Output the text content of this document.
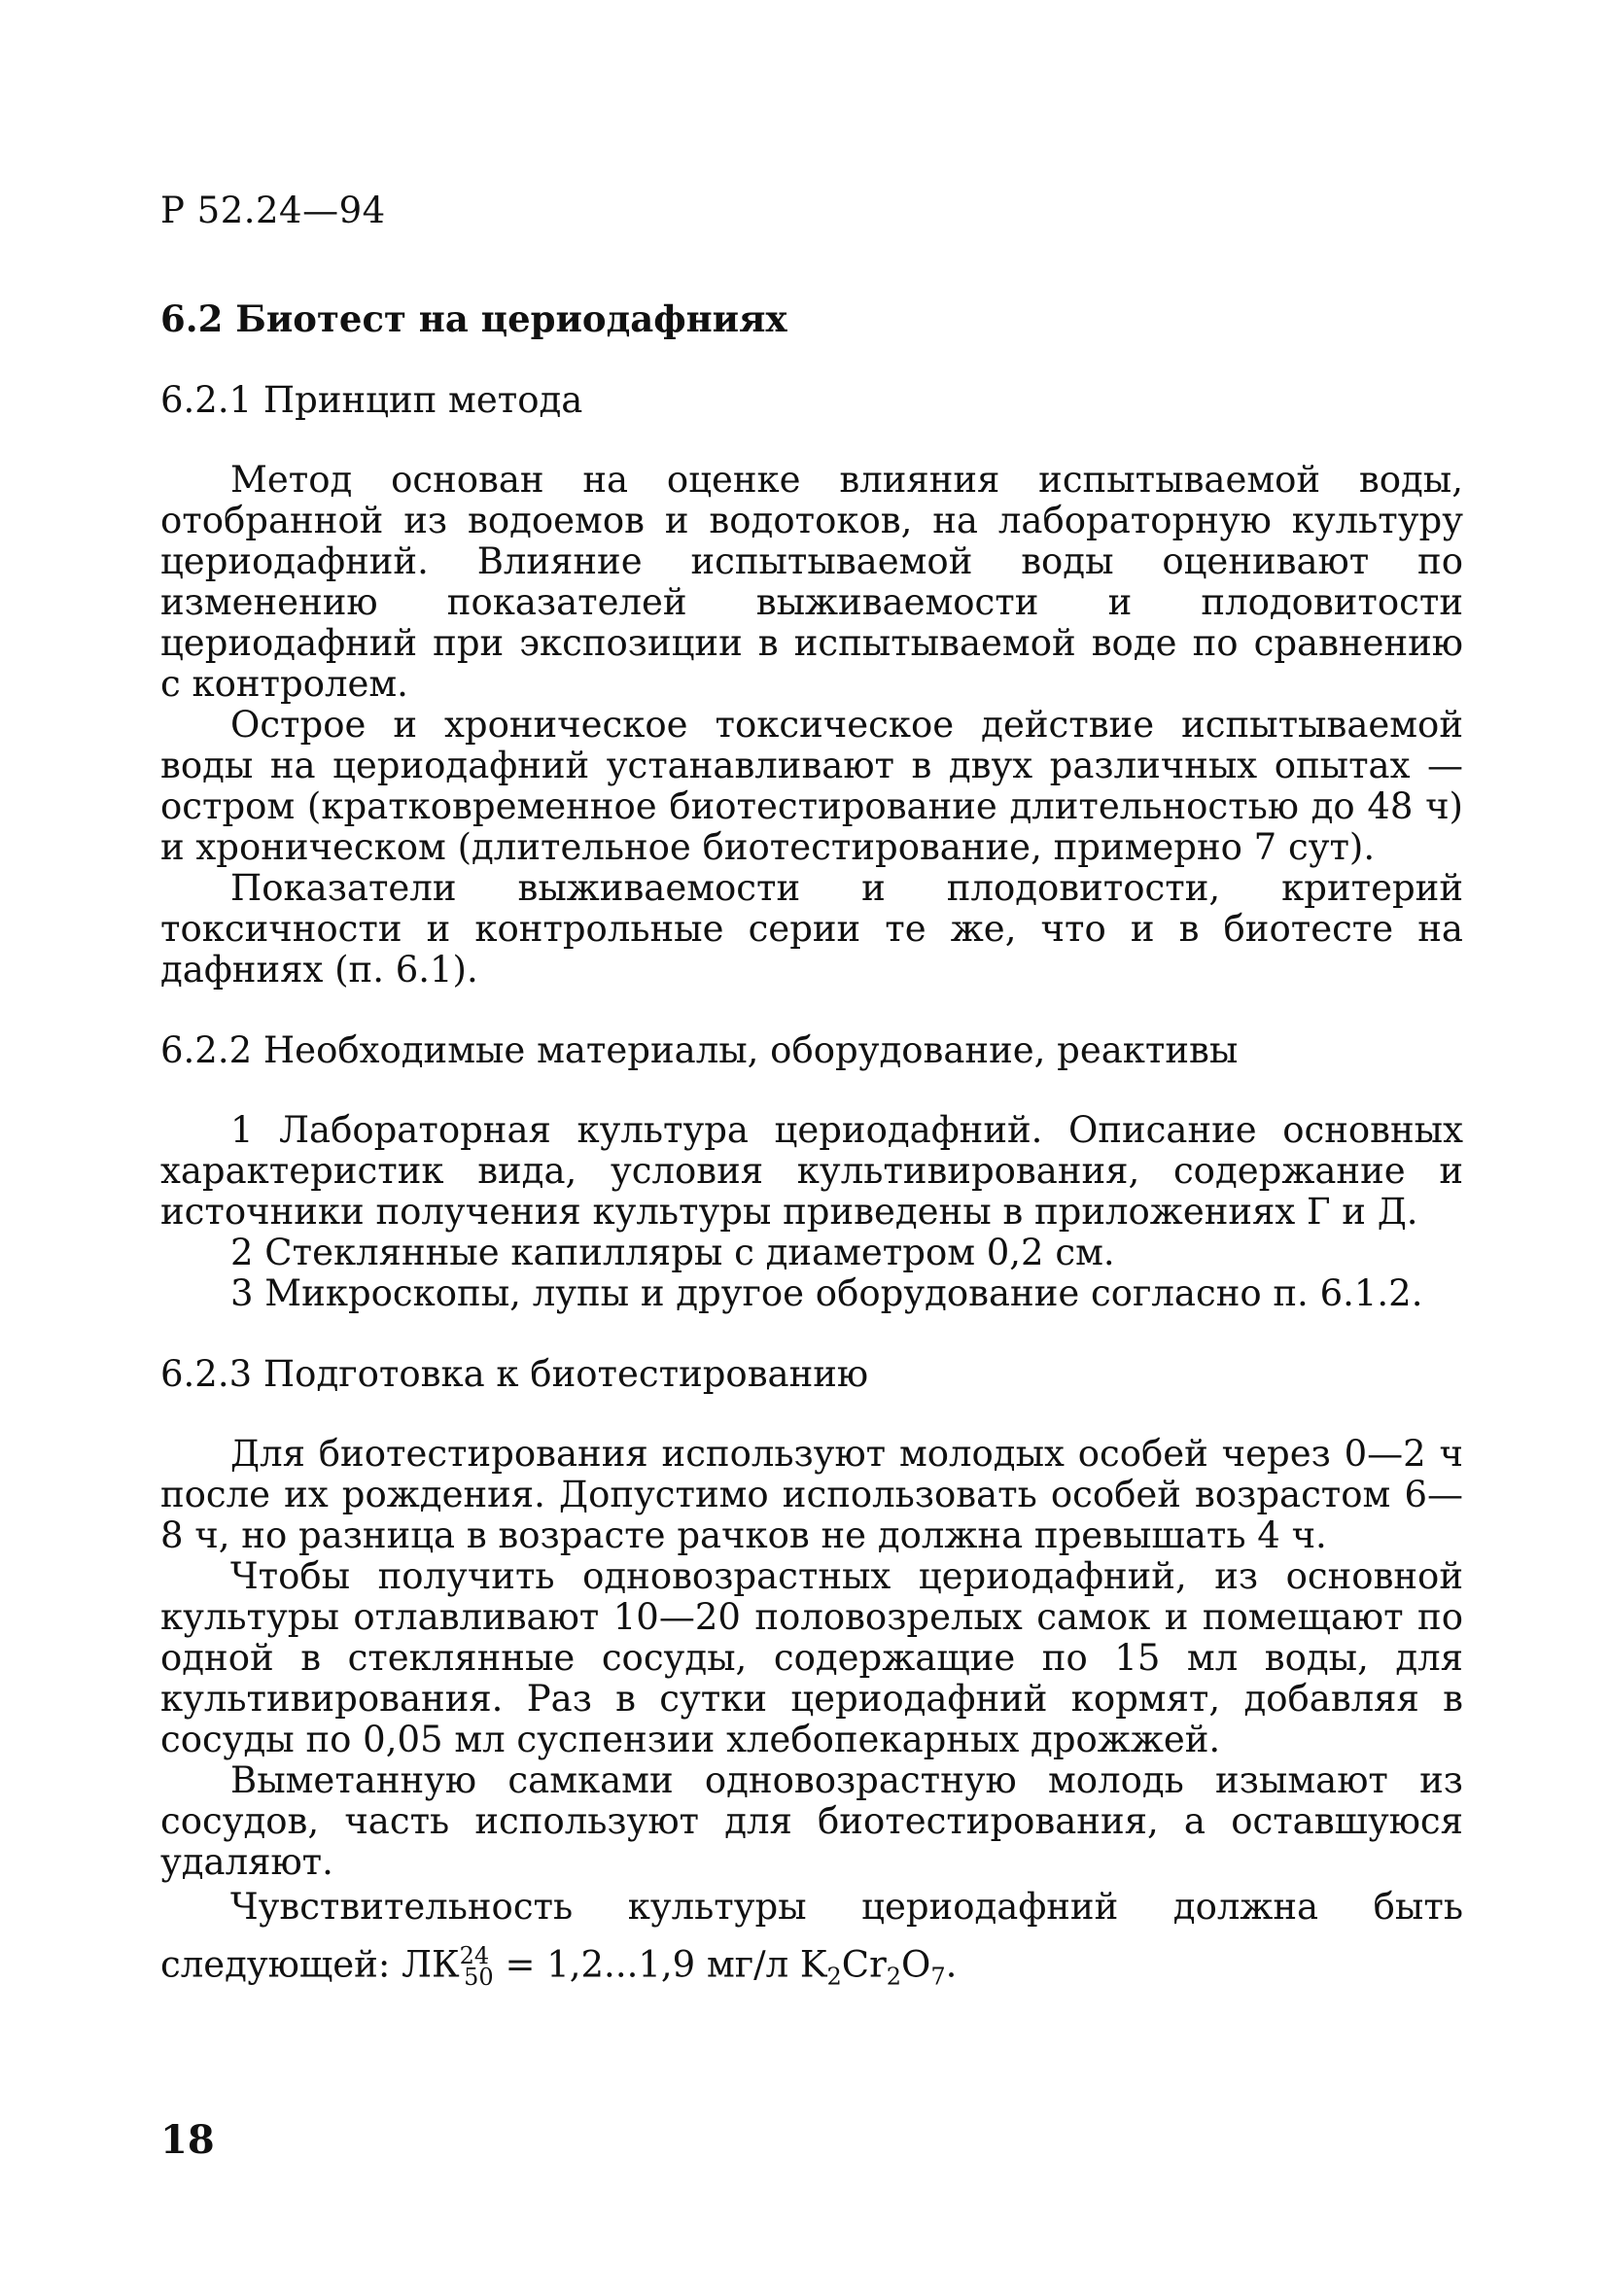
Р 52.24—94
6.2 Биотест на цериодафниях
6.2.1 Принцип метода

Метод основан на оценке влияния испытываемой воды, отобранной из водоемов и водотоков, на лабораторную культуру цериодафний. Влияние испытываемой воды оценивают по изменению показателей выживаемости и плодовитости цериодафний при экспозиции в испытываемой воде по сравнению с контролем.

Острое и хроническое токсическое действие испытываемой воды на цериодафний устанавливают в двух различных опытах — остром (кратковременное биотестирование длительностью до 48 ч) и хроническом (длительное биотестирование, примерно 7 сут).

Показатели выживаемости и плодовитости, критерий токсичности и контрольные серии те же, что и в биотесте на дафниях (п. 6.1).

6.2.2 Необходимые материалы, оборудование, реактивы

1 Лабораторная культура цериодафний. Описание основных характеристик вида, условия культивирования, содержание и источники получения культуры приведены в приложениях Г и Д.

2 Стеклянные капилляры с диаметром 0,2 см.

3 Микроскопы, лупы и другое оборудование согласно п. 6.1.2.

6.2.3 Подготовка к биотестированию

Для биотестирования используют молодых особей через 0—2 ч после их рождения. Допустимо использовать особей возрастом 6—8 ч, но разница в возрасте рачков не должна превышать 4 ч.

Чтобы получить одновозрастных цериодафний, из основной культуры отлавливают 10—20 половозрелых самок и помещают по одной в стеклянные сосуды, содержащие по 15 мл воды, для культивирования. Раз в сутки цериодафний кормят, добавляя в сосуды по 0,05 мл суспензии хлебопекарных дрожжей.

Выметанную самками одновозрастную молодь изымают из сосудов, часть используют для биотестирования, а оставшуюся удаляют.

Чувствительность культуры цериодафний должна быть следующей: $ЛК^{24}_{50} = 1,2...1,9$ мг/л $K_2Cr_2O_7$.

18
